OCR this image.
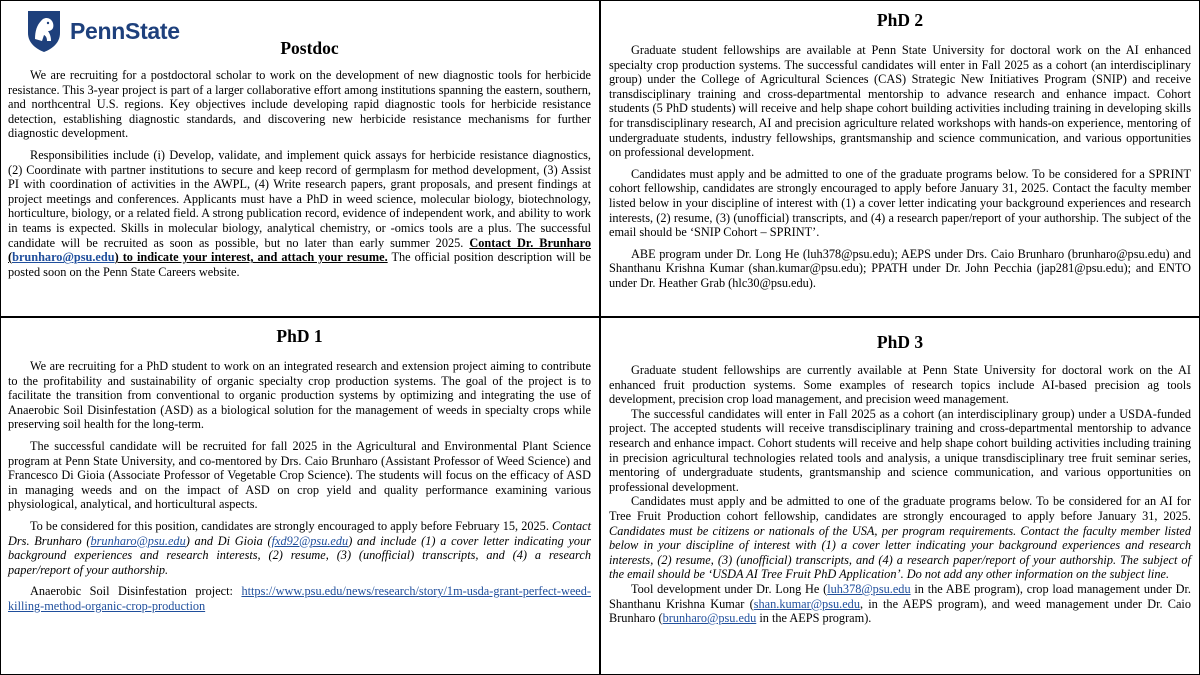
PennState
Postdoc

We are recruiting for a postdoctoral scholar to work on the development of new diagnostic tools for herbicide resistance. This 3-year project is part of a larger collaborative effort among institutions spanning the eastern, southern, and northcentral U.S. regions. Key objectives include developing rapid diagnostic tools for herbicide resistance detection, establishing diagnostic standards, and discovering new herbicide resistance mechanisms for further diagnostic development.

Responsibilities include (i) Develop, validate, and implement quick assays for herbicide resistance diagnostics, (2) Coordinate with partner institutions to secure and keep record of germplasm for method development, (3) Assist PI with coordination of activities in the AWPL, (4) Write research papers, grant proposals, and present findings at project meetings and conferences. Applicants must have a PhD in weed science, molecular biology, biotechnology, horticulture, biology, or a related field. A strong publication record, evidence of independent work, and ability to work in teams is expected. Skills in molecular biology, analytical chemistry, or -omics tools are a plus. The successful candidate will be recruited as soon as possible, but no later than early summer 2025. Contact Dr. Brunharo (brunharo@psu.edu) to indicate your interest, and attach your resume. The official position description will be posted soon on the Penn State Careers website.

PhD 2

Graduate student fellowships are available at Penn State University for doctoral work on the AI enhanced specialty crop production systems. The successful candidates will enter in Fall 2025 as a cohort (an interdisciplinary group) under the College of Agricultural Sciences (CAS) Strategic New Initiatives Program (SNIP) and receive transdisciplinary training and cross-departmental mentorship to advance research and enhance impact. Cohort students (5 PhD students) will receive and help shape cohort building activities including training in developing skills for transdisciplinary research, AI and precision agriculture related workshops with hands-on experience, mentoring of undergraduate students, industry fellowships, grantsmanship and science communication, and various opportunities on professional development.

Candidates must apply and be admitted to one of the graduate programs below. To be considered for a SPRINT cohort fellowship, candidates are strongly encouraged to apply before January 31, 2025. Contact the faculty member listed below in your discipline of interest with (1) a cover letter indicating your background experiences and research interests, (2) resume, (3) (unofficial) transcripts, and (4) a research paper/report of your authorship. The subject of the email should be ‘SNIP Cohort – SPRINT’.

ABE program under Dr. Long He (luh378@psu.edu); AEPS under Drs. Caio Brunharo (brunharo@psu.edu) and Shanthanu Krishna Kumar (shan.kumar@psu.edu); PPATH under Dr. John Pecchia (jap281@psu.edu); and ENTO under Dr. Heather Grab (hlc30@psu.edu).

PhD 1

We are recruiting for a PhD student to work on an integrated research and extension project aiming to contribute to the profitability and sustainability of organic specialty crop production systems. The goal of the project is to facilitate the transition from conventional to organic production systems by optimizing and integrating the use of Anaerobic Soil Disinfestation (ASD) as a biological solution for the management of weeds in specialty crops while preserving soil health for the long-term.

The successful candidate will be recruited for fall 2025 in the Agricultural and Environmental Plant Science program at Penn State University, and co-mentored by Drs. Caio Brunharo (Assistant Professor of Weed Science) and Francesco Di Gioia (Associate Professor of Vegetable Crop Science). The students will focus on the efficacy of ASD in managing weeds and on the impact of ASD on crop yield and quality performance examining various physiological, analytical, and horticultural aspects.

To be considered for this position, candidates are strongly encouraged to apply before February 15, 2025. Contact Drs. Brunharo (brunharo@psu.edu) and Di Gioia (fxd92@psu.edu) and include (1) a cover letter indicating your background experiences and research interests, (2) resume, (3) (unofficial) transcripts, and (4) a research paper/report of your authorship.

Anaerobic Soil Disinfestation project: https://www.psu.edu/news/research/story/1m-usda-grant-perfect-weed-killing-method-organic-crop-production

PhD 3

Graduate student fellowships are currently available at Penn State University for doctoral work on the AI enhanced fruit production systems. Some examples of research topics include AI-based precision ag tools development, precision crop load management, and precision weed management.

The successful candidates will enter in Fall 2025 as a cohort (an interdisciplinary group) under a USDA-funded project. The accepted students will receive transdisciplinary training and cross-departmental mentorship to advance research and enhance impact. Cohort students will receive and help shape cohort building activities including training in precision agricultural technologies related tools and analysis, a unique transdisciplinary tree fruit seminar series, mentoring of undergraduate students, grantsmanship and science communication, and various opportunities on professional development.

Candidates must apply and be admitted to one of the graduate programs below. To be considered for an AI for Tree Fruit Production cohort fellowship, candidates are strongly encouraged to apply before January 31, 2025. Candidates must be citizens or nationals of the USA, per program requirements. Contact the faculty member listed below in your discipline of interest with (1) a cover letter indicating your background experiences and research interests, (2) resume, (3) (unofficial) transcripts, and (4) a research paper/report of your authorship. The subject of the email should be ‘USDA AI Tree Fruit PhD Application’. Do not add any other information on the subject line.

Tool development under Dr. Long He (luh378@psu.edu in the ABE program), crop load management under Dr. Shanthanu Krishna Kumar (shan.kumar@psu.edu, in the AEPS program), and weed management under Dr. Caio Brunharo (brunharo@psu.edu in the AEPS program).
